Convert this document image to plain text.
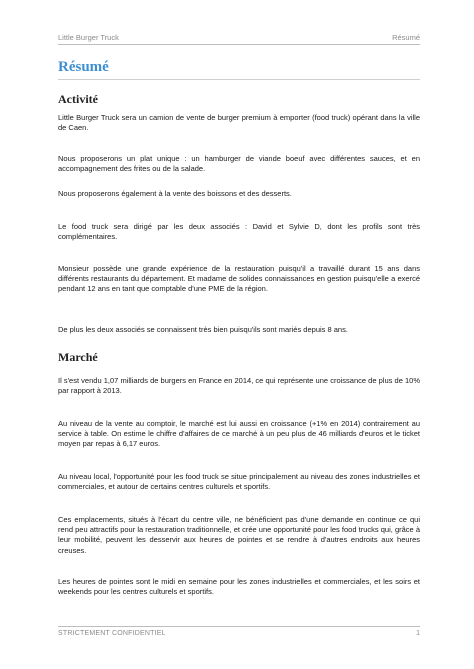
Little Burger Truck	Résumé
Résumé
Activité
Little Burger Truck sera un camion de vente de burger premium à emporter (food truck) opérant dans la ville de Caen.
Nous proposerons un plat unique : un hamburger de viande boeuf avec différentes sauces, et en accompagnement des frites ou de la salade.
Nous proposerons également à la vente des boissons et des desserts.
Le food truck sera dirigé par les deux associés : David et Sylvie D, dont les profils sont très complémentaires.
Monsieur possède une grande expérience de la restauration puisqu'il a travaillé durant 15 ans dans différents restaurants du département. Et madame de solides connaissances en gestion puisqu'elle a exercé pendant 12 ans en tant que comptable d'une PME de la région.
De plus les deux associés se connaissent très bien puisqu'ils sont mariés depuis 8 ans.
Marché
Il s'est vendu 1,07 milliards de burgers en France en 2014, ce qui représente une croissance de plus de 10% par rapport à 2013.
Au niveau de la vente au comptoir, le marché est lui aussi en croissance (+1% en 2014) contrairement au service à table. On estime le chiffre d'affaires de ce marché à un peu plus de 46 milliards d'euros et le ticket moyen par repas à 6,17 euros.
Au niveau local, l'opportunité pour les food truck se situe principalement au niveau des zones industrielles et commerciales, et autour de certains centres culturels et sportifs.
Ces emplacements, situés à l'écart du centre ville, ne bénéficient pas d'une demande en continue ce qui rend peu attractifs pour la restauration traditionnelle, et crée une opportunité pour les food trucks qui, grâce à leur mobilité, peuvent les desservir aux heures de pointes et se rendre à d'autres endroits aux heures creuses.
Les heures de pointes sont le midi en semaine pour les zones industrielles et commerciales, et les soirs et weekends pour les centres culturels et sportifs.
STRICTEMENT CONFIDENTIEL	1
